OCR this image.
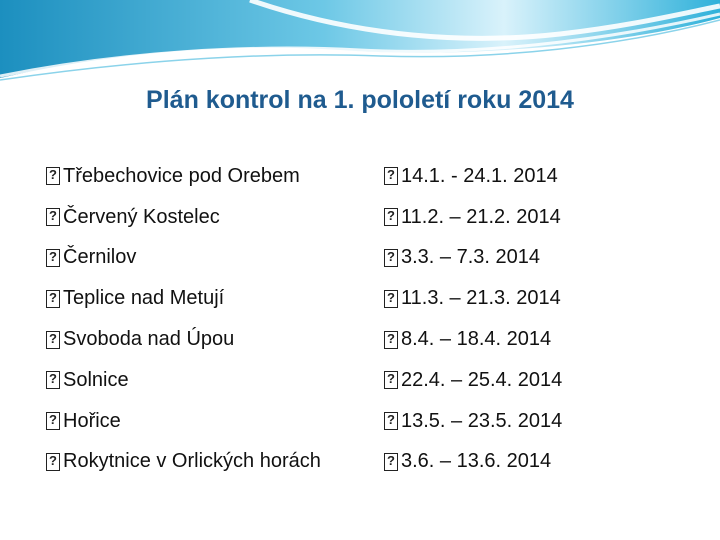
Plán kontrol na 1. pololetí roku 2014
?
Třebechovice pod Orebem ?	14.1. - 24.1. 2014
?
Červený Kostelec ?	11.2. – 21.2. 2014
?
Černilov ?	3.3. – 7.3. 2014
?
Teplice nad Metují ?	11.3. – 21.3. 2014
?
Svoboda nad Úpou ?	8.4. – 18.4. 2014
?
Solnice ?	22.4. – 25.4. 2014
?
Hořice ?	13.5. – 23.5. 2014
?
Rokytnice v Orlických horách ?	3.6. – 13.6. 2014
